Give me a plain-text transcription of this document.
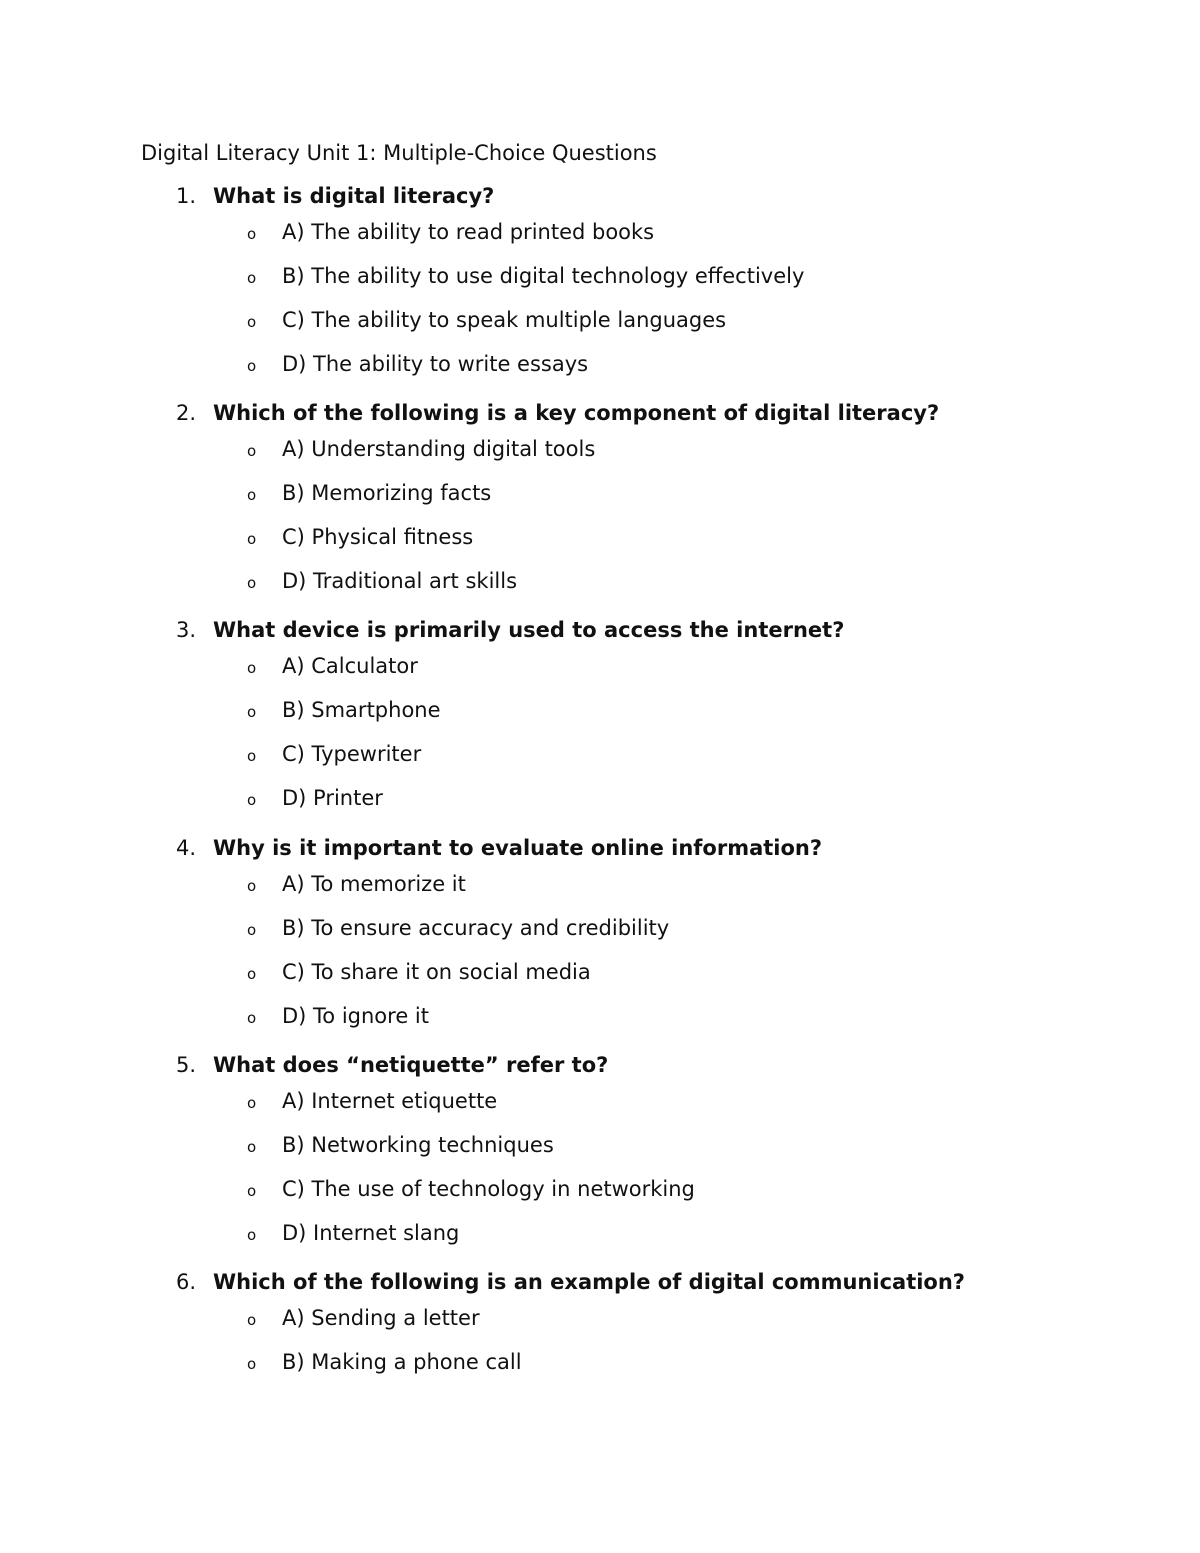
Digital Literacy Unit 1: Multiple-Choice Questions
1. What is digital literacy?
o A) The ability to read printed books
o B) The ability to use digital technology effectively
o C) The ability to speak multiple languages
o D) The ability to write essays
2. Which of the following is a key component of digital literacy?
o A) Understanding digital tools
o B) Memorizing facts
o C) Physical fitness
o D) Traditional art skills
3. What device is primarily used to access the internet?
o A) Calculator
o B) Smartphone
o C) Typewriter
o D) Printer
4. Why is it important to evaluate online information?
o A) To memorize it
o B) To ensure accuracy and credibility
o C) To share it on social media
o D) To ignore it
5. What does “netiquette” refer to?
o A) Internet etiquette
o B) Networking techniques
o C) The use of technology in networking
o D) Internet slang
6. Which of the following is an example of digital communication?
o A) Sending a letter
o B) Making a phone call
